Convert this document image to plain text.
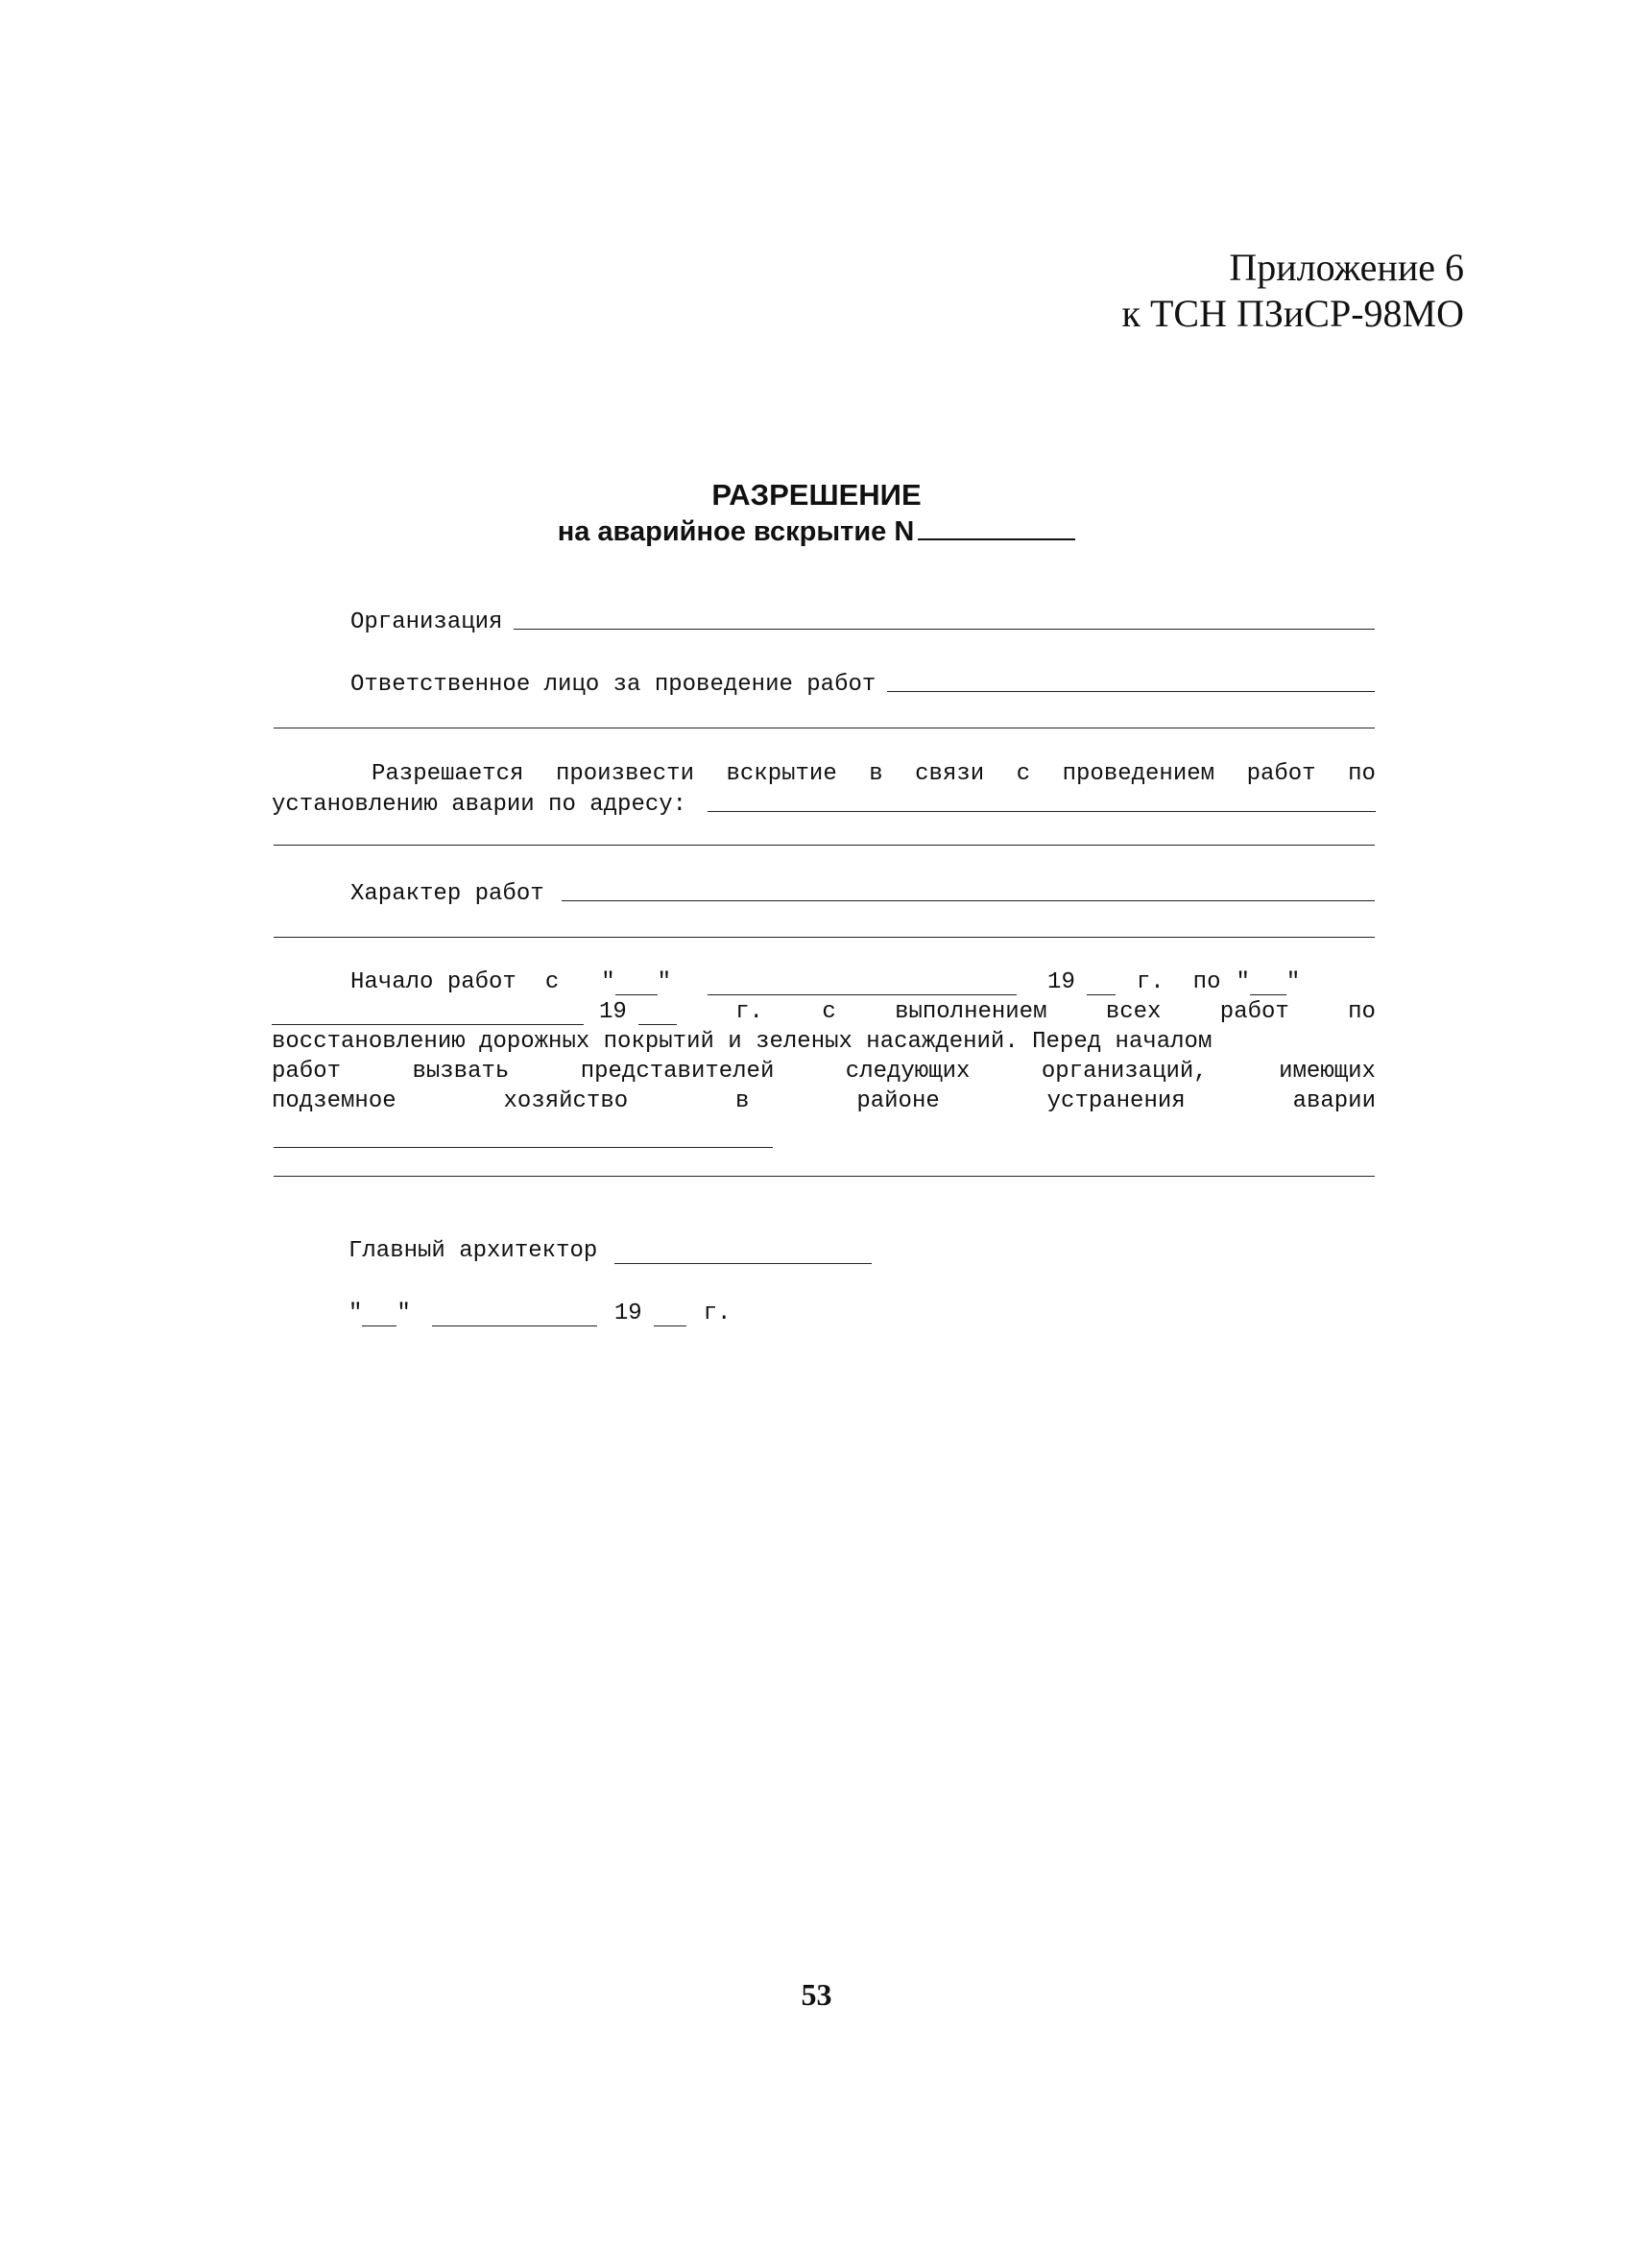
Приложение 6
к ТСН ПЗиСР-98МО
РАЗРЕШЕНИЕ
на аварийное вскрытие N
Организация
Ответственное лицо за проведение работ
Разрешается произвести вскрытие в связи с проведением работ по
установлению аварии по адресу:
Характер работ
Начало работ с " "	19	г. по " "
19	г.	с	выполнением	всех	работ	по
восстановлению дорожных покрытий и зеленых насаждений. Перед началом
работ	вызвать	представителей	следующих	организаций,	имеющих
подземное	хозяйство	в	районе	устранения	аварии
Главный архитектор
" "	19	г.
53
